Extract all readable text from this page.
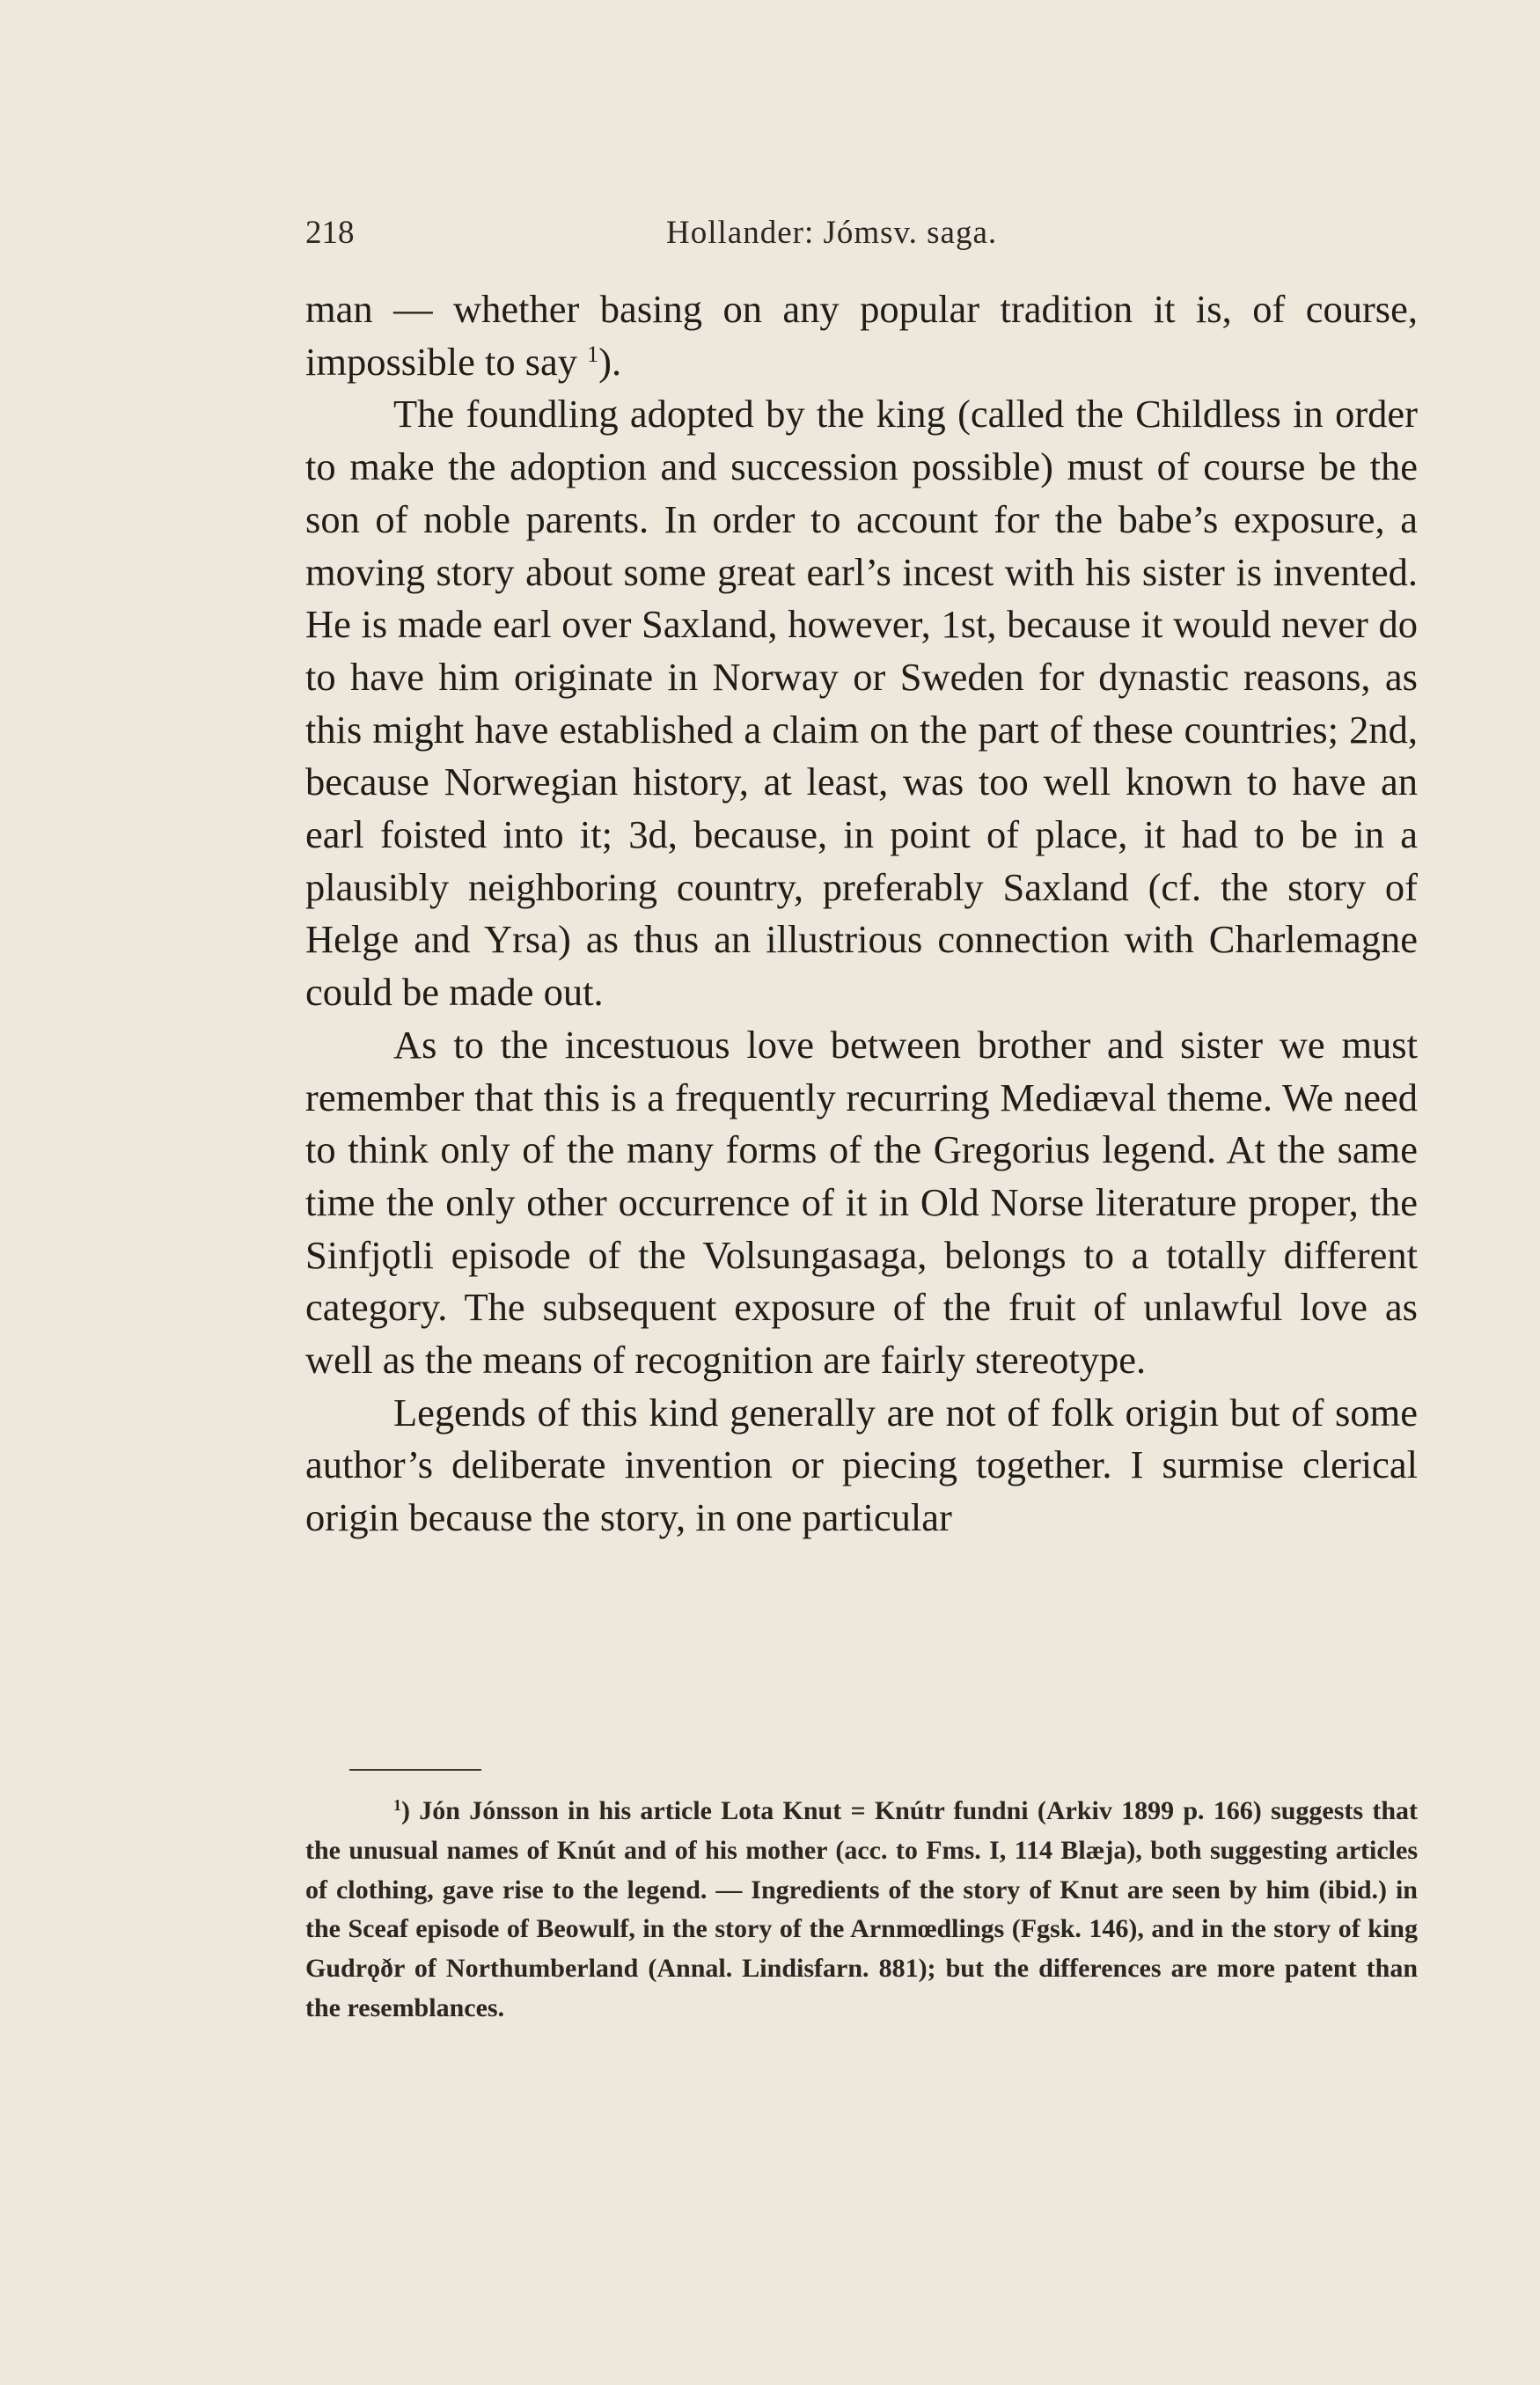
218	Hollander: Jómsv. saga.

man — whether basing on any popular tradition it is, of course, impossible to say $^1$).

The foundling adopted by the king (called the Childless in order to make the adoption and succession possible) must of course be the son of noble parents. In order to account for the babe’s exposure, a moving story about some great earl’s incest with his sister is invented. He is made earl over Saxland, however, 1st, because it would never do to have him originate in Norway or Sweden for dynastic reasons, as this might have established a claim on the part of these countries; 2nd, because Norwegian history, at least, was too well known to have an earl foisted into it; 3d, because, in point of place, it had to be in a plausibly neighboring country, preferably Saxland (cf. the story of Helge and Yrsa) as thus an illustrious connection with Charlemagne could be made out.

As to the incestuous love between brother and sister we must remember that this is a frequently recurring Mediæval theme. We need to think only of the many forms of the Gregorius legend. At the same time the only other occurrence of it in Old Norse literature proper, the Sinfjǫtli episode of the Volsungasaga, belongs to a totally different category. The subsequent exposure of the fruit of unlawful love as well as the means of recognition are fairly stereotype.

Legends of this kind generally are not of folk origin but of some author’s deliberate invention or piecing together. I surmise clerical origin because the story, in one particular

$^1$) Jón Jónsson in his article Lota Knut = Knútr fundni (Arkiv 1899 p. 166) suggests that the unusual names of Knút and of his mother (acc. to Fms. I, 114 Blæja), both suggesting articles of clothing, gave rise to the legend. — Ingredients of the story of Knut are seen by him (ibid.) in the Sceaf episode of Beowulf, in the story of the Arnmœdlings (Fgsk. 146), and in the story of king Gudrǫðr of Northumberland (Annal. Lindisfarn. 881); but the differences are more patent than the resemblances.
